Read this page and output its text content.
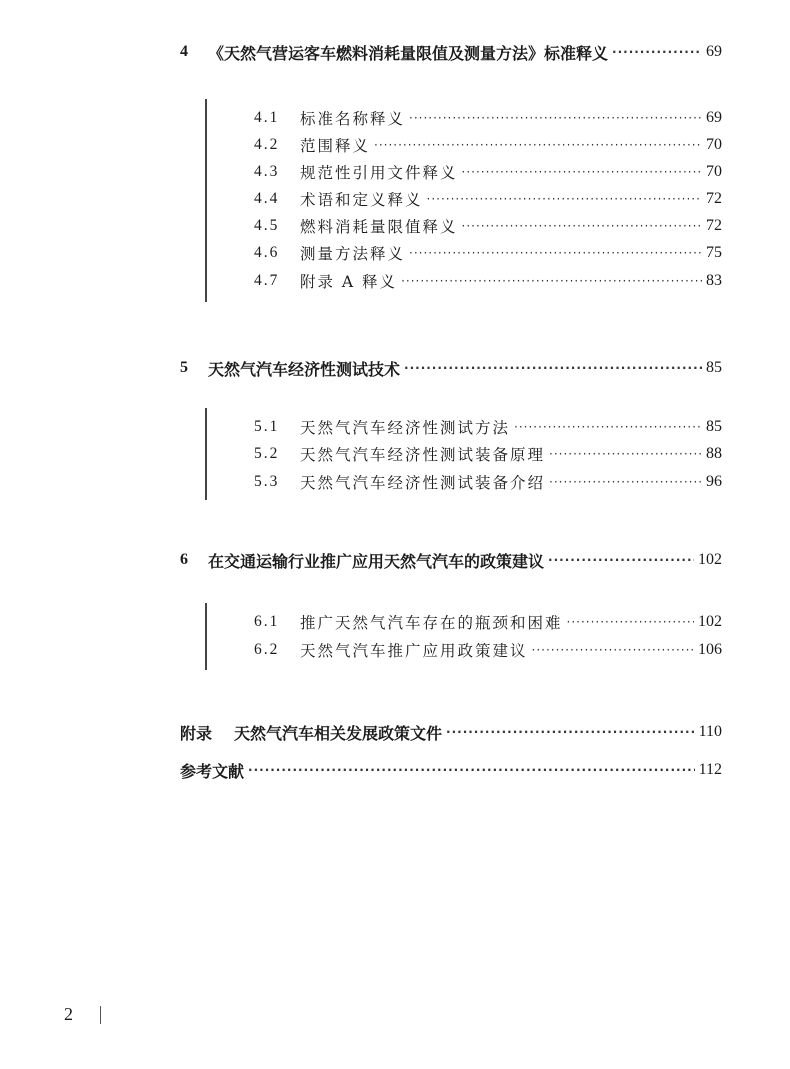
4	《天然气营运客车燃料消耗量限值及测量方法》标准释义 ·····	69
4.1	标准名称释义 ·····	69
4.2	范围释义 ·····	70
4.3	规范性引用文件释义 ·····	70
4.4	术语和定义释义 ·····	72
4.5	燃料消耗量限值释义 ·····	72
4.6	测量方法释义 ·····	75
4.7	附录 A 释义 ·····	83
5	天然气汽车经济性测试技术 ·····	85
5.1	天然气汽车经济性测试方法 ·····	85
5.2	天然气汽车经济性测试装备原理 ·····	88
5.3	天然气汽车经济性测试装备介绍 ·····	96
6	在交通运输行业推广应用天然气汽车的政策建议 ·····	102
6.1	推广天然气汽车存在的瓶颈和困难 ·····	102
6.2	天然气汽车推广应用政策建议 ·····	106
附录	天然气汽车相关发展政策文件 ·····	110
参考文献 ·····	112
2
